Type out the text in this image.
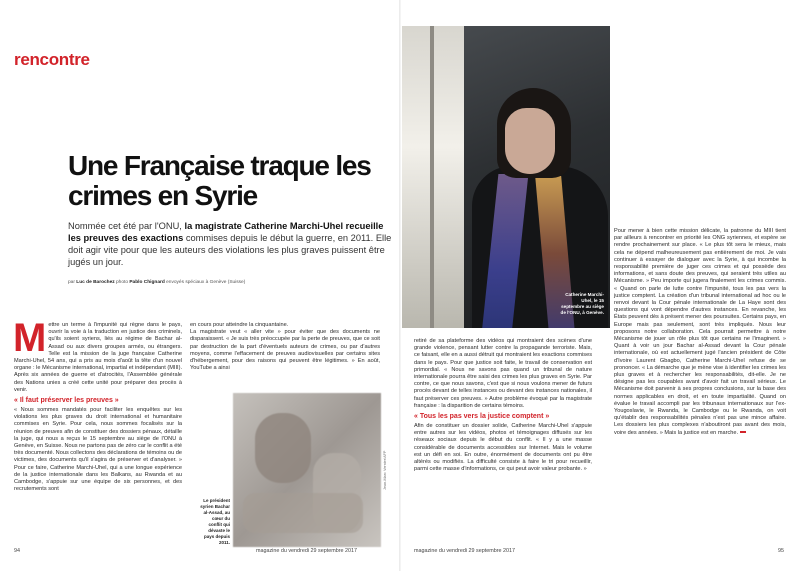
rencontre
Catherine Marchi-Uhel, le 15 septembre au siège de l'ONU, à Genève.
Une Française traque les crimes en Syrie

Nommée cet été par l'ONU, la magistrate Catherine Marchi-Uhel recueille les preuves des exactions commises depuis le début la guerre, en 2011. Elle doit agir vite pour que les auteurs des violations les plus graves puissent être jugés un jour.

par Luc de Barochez photo Pablo Chignard envoyés spéciaux à Genève (Suisse)

Mettre un terme à l'impunité qui règne dans le pays, ouvrir la voie à la traduction en justice des criminels, qu'ils soient syriens, liés au régime de Bachar al-Assad ou aux divers groupes armés, ou étrangers. Telle est la mission de la juge française Catherine Marchi-Uhel, 54 ans, qui a pris au mois d'août la tête d'un nouvel organe : le Mécanisme international, impartial et indépendant (MIII). Après six années de guerre et d'atrocités, l'Assemblée générale des Nations unies a créé cette unité pour préparer des procès à venir.

« Il faut préserver les preuves »

« Nous sommes mandatés pour faciliter les enquêtes sur les violations les plus graves du droit international et humanitaire commises en Syrie. Pour cela, nous sommes focalisés sur la réunion de preuves afin de constituer des dossiers pénaux, détaille la juge, qui nous a reçus le 15 septembre au siège de l'ONU à Genève, en Suisse. Nous ne partons pas de zéro car le conflit a été très documenté. Nous collectons des déclarations de témoins ou de victimes, des documents qu'il s'agira de préserver et d'analyser. » Pour ce faire, Catherine Marchi-Uhel, qui a une longue expérience de la justice internationale dans les Balkans, au Rwanda et au Cambodge, s'appuie sur une équipe de six personnes, et des recrutements sont

en cours pour atteindre la cinquantaine.

La magistrate veut « aller vite » pour éviter que des documents ne disparaissent. « Je suis très préoccupée par la perte de preuves, que ce soit par destruction de la part d'éventuels auteurs de crimes, ou par d'autres moyens, comme l'effacement de preuves audiovisuelles par certains sites d'hébergement, pour des raisons qui peuvent être légitimes. » En août, YouTube a ainsi

Le président syrien Bachar al-Assad, au cœur du conflit qui dévaste le pays depuis 2011.
Jean-Marc Vernier/AFP

retiré de sa plateforme des vidéos qui montraient des scènes d'une grande violence, pensant lutter contre la propagande terroriste. Mais, ce faisant, elle en a aussi détruit qui montraient les exactions commises dans le pays. Pour que justice soit faite, le travail de conservation est primordial. « Nous ne savons pas quand un tribunal de nature internationale pourra être saisi des crimes les plus graves en Syrie. Par contre, ce que nous savons, c'est que si nous voulons mener de futurs procès devant de telles instances ou devant des instances nationales, il faut préserver ces preuves. » Autre problème évoqué par la magistrate française : la disparition de certains témoins.

« Tous les pas vers la justice comptent »

Afin de constituer un dossier solide, Catherine Marchi-Uhel s'appuie entre autres sur les vidéos, photos et témoignages diffusés sur les réseaux sociaux depuis le début du conflit. « Il y a une masse considérable de documents accessibles sur Internet. Mais le volume est un défi en soi. En outre, énormément de documents ont pu être altérés ou modifiés. La difficulté consiste à faire le tri pour recueillir, parmi cette masse d'informations, ce qui peut avoir valeur probante. »

Pour mener à bien cette mission délicate, la patronne du MIII tient par ailleurs à rencontrer en priorité les ONG syriennes, et espère se rendre prochainement sur place. « Le plus tôt sera le mieux, mais cela ne dépend malheureusement pas entièrement de moi. Je vais continuer à essayer de dialoguer avec la Syrie, à qui incombe la responsabilité première de juger ces crimes et qui possède des informations, et sans doute des preuves, qui seraient très utiles au Mécanisme. » Peu importe qui jugera finalement les crimes commis. « Quand on parle de lutte contre l'impunité, tous les pas vers la justice comptent. La création d'un tribunal international ad hoc ou le renvoi devant la Cour pénale internationale de La Haye sont des questions qui vont dépendre d'autres instances. En revanche, les États peuvent dès à présent mener des poursuites. Certains pays, en Europe mais pas seulement, sont très impliqués. Nous leur proposons notre collaboration. Cela pourrait permettre à notre Mécanisme de jouer un rôle plus tôt que certains ne l'imaginent. » Quant à voir un jour Bachar al-Assad devant la Cour pénale internationale, où est actuellement jugé l'ancien président de Côte d'Ivoire Laurent Gbagbo, Catherine Marchi-Uhel refuse de se prononcer. « La démarche que je mène vise à identifier les crimes les plus graves et à rechercher les responsabilités, dit-elle. Je ne désigne pas les coupables avant d'avoir fait un travail sérieux. Le Mécanisme doit parvenir à ses propres conclusions, sur la base des normes applicables en droit, et en toute impartialité. Quand on évalue le travail accompli par les tribunaux internationaux sur l'ex-Yougoslavie, le Rwanda, le Cambodge ou le Rwanda, on voit qu'établir des responsabilités pénales n'est pas une mince affaire. Les dossiers les plus complexes n'aboutiront pas avant des mois, voire des années. » Mais la justice est en marche.

94	magazine du vendredi 29 septembre 2017	magazine du vendredi 29 septembre 2017	95
